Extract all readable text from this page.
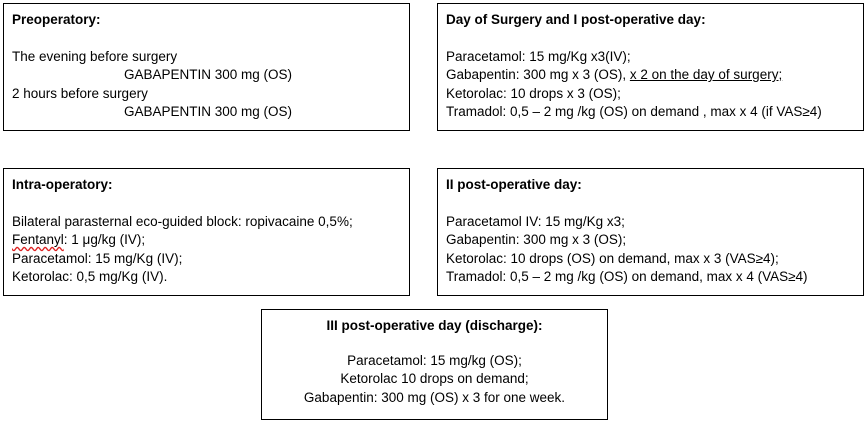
Preoperatory:
The evening before surgery
GABAPENTIN 300 mg (OS)
2 hours before surgery
GABAPENTIN 300 mg (OS)
Day of Surgery and I post-operative day:
Paracetamol: 15 mg/Kg x3(IV);
Gabapentin: 300 mg x 3 (OS), x 2 on the day of surgery;
Ketorolac: 10 drops x 3 (OS);
Tramadol: 0,5 – 2 mg /kg (OS) on demand , max x 4 (if VAS≥4)
Intra-operatory:
Bilateral parasternal eco-guided block: ropivacaine 0,5%;
Fentanyl: 1 μg/kg (IV);
Paracetamol: 15 mg/Kg (IV);
Ketorolac: 0,5 mg/Kg (IV).
II post-operative day:
Paracetamol IV: 15 mg/Kg x3;
Gabapentin: 300 mg x 3 (OS);
Ketorolac: 10 drops (OS) on demand, max x 3 (VAS≥4);
Tramadol: 0,5 – 2 mg /kg (OS) on demand, max x 4 (VAS≥4)
III post-operative day (discharge):
Paracetamol: 15 mg/kg (OS);
Ketorolac 10 drops on demand;
Gabapentin: 300 mg (OS) x 3 for one week.
